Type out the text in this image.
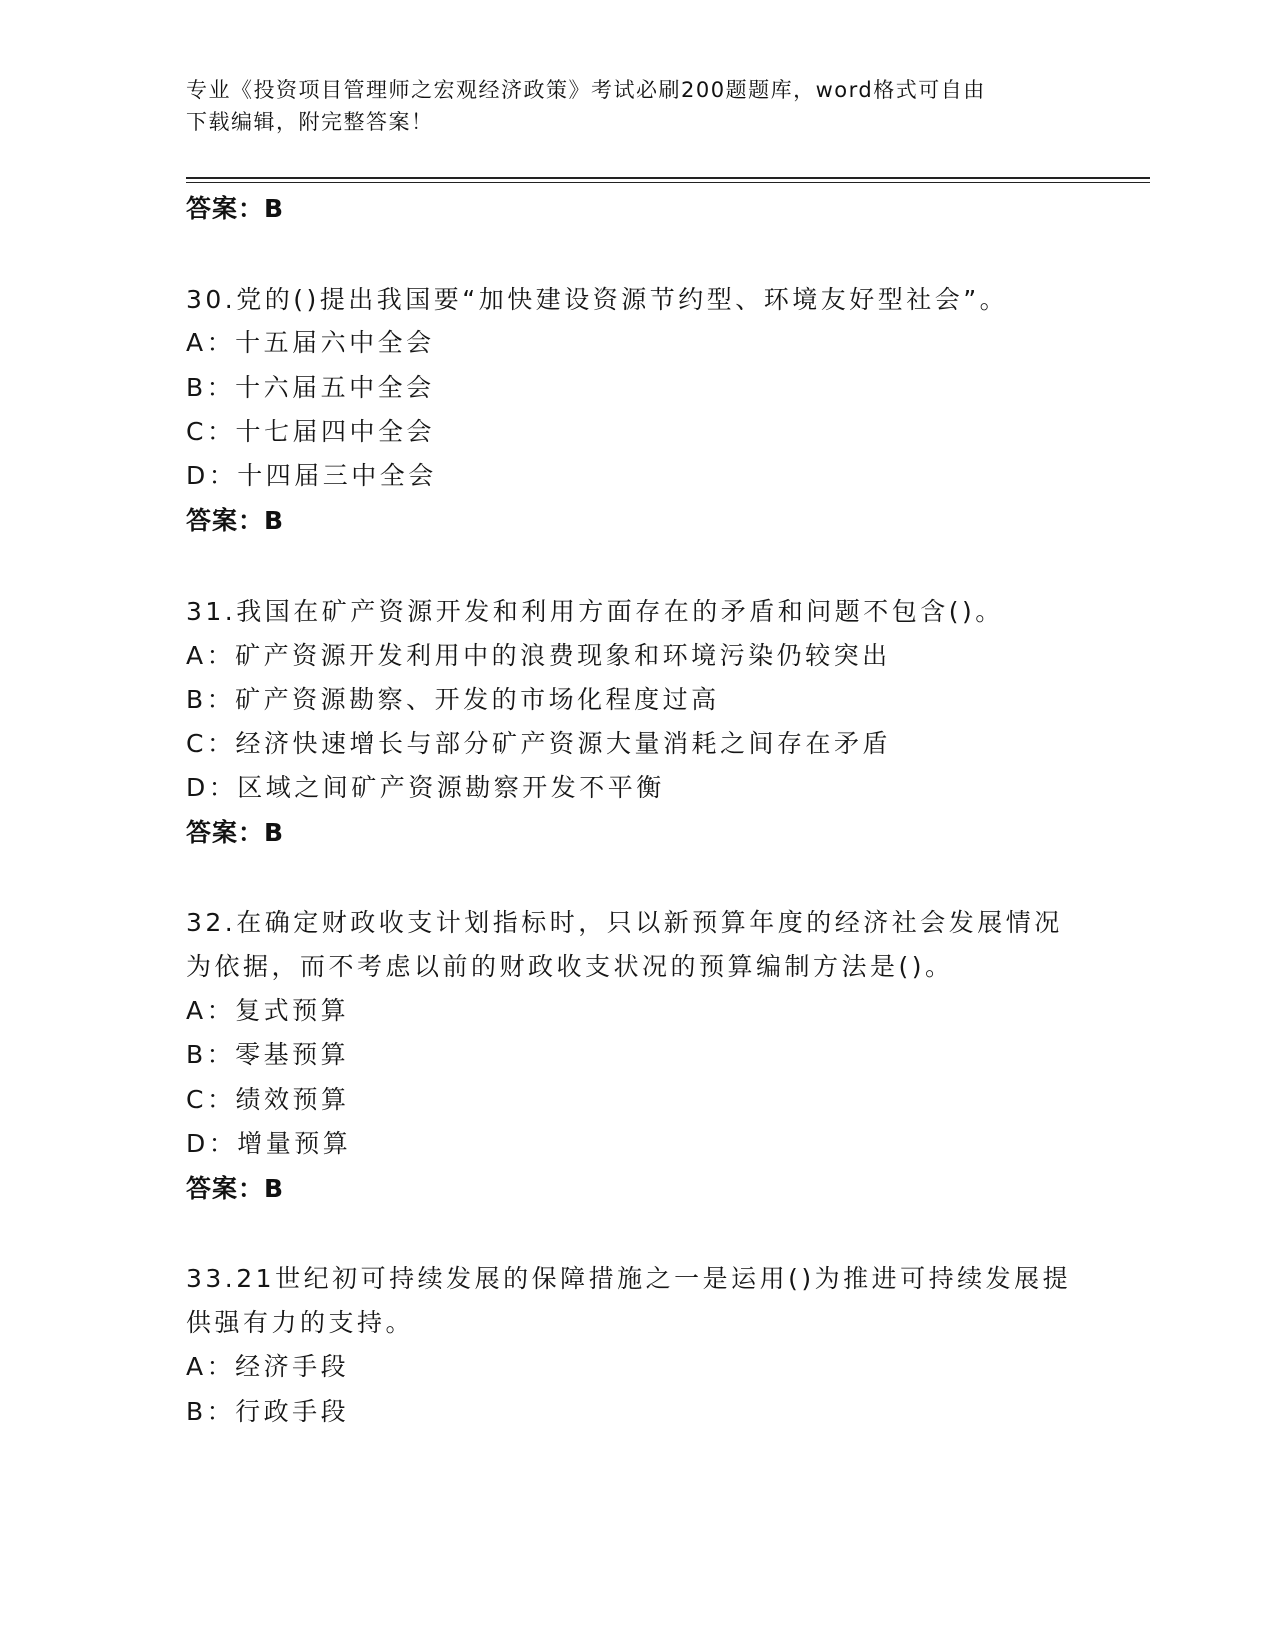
专业《投资项目管理师之宏观经济政策》考试必刷200题题库，word格式可自由
下载编辑，附完整答案！
答案：B
30.党的()提出我国要“加快建设资源节约型、环境友好型社会”。
A：十五届六中全会
B：十六届五中全会
C：十七届四中全会
D：十四届三中全会
答案：B
31.我国在矿产资源开发和利用方面存在的矛盾和问题不包含()。
A：矿产资源开发利用中的浪费现象和环境污染仍较突出
B：矿产资源勘察、开发的市场化程度过高
C：经济快速增长与部分矿产资源大量消耗之间存在矛盾
D：区域之间矿产资源勘察开发不平衡
答案：B
32.在确定财政收支计划指标时，只以新预算年度的经济社会发展情况
为依据，而不考虑以前的财政收支状况的预算编制方法是()。
A：复式预算
B：零基预算
C：绩效预算
D：增量预算
答案：B
33.21世纪初可持续发展的保障措施之一是运用()为推进可持续发展提
供强有力的支持。
A：经济手段
B：行政手段
